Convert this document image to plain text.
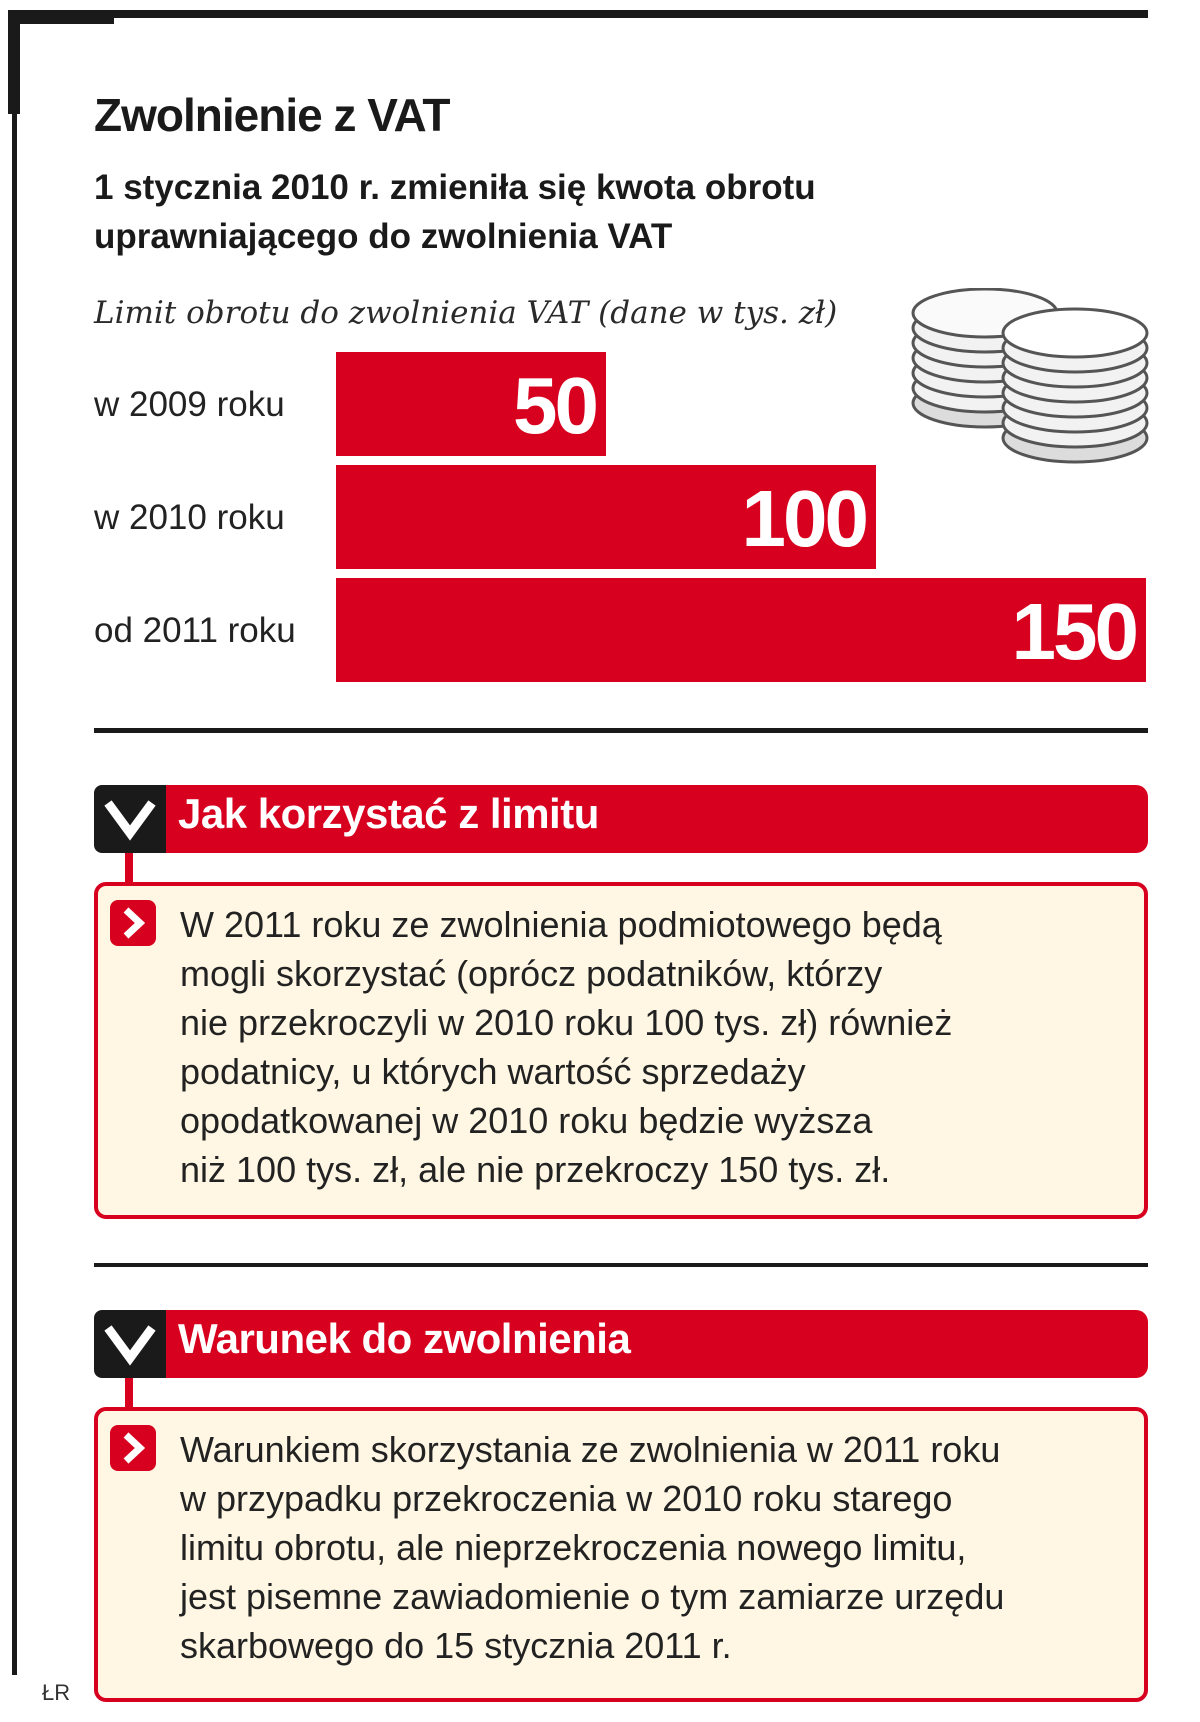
Zwolnienie z VAT

1 stycznia 2010 r. zmieniła się kwota obrotu uprawniającego do zwolnienia VAT

Limit obrotu do zwolnienia VAT (dane w tys. zł)
w 2009 roku	50
w 2010 roku	100
od 2011 roku	150
Jak korzystać z limitu

W 2011 roku ze zwolnienia podmiotowego będą
mogli skorzystać (oprócz podatników, którzy
nie przekroczyli w 2010 roku 100 tys. zł) również
podatnicy, u których wartość sprzedaży
opodatkowanej w 2010 roku będzie wyższa
niż 100 tys. zł, ale nie przekroczy 150 tys. zł.

Warunek do zwolnienia

Warunkiem skorzystania ze zwolnienia w 2011 roku
w przypadku przekroczenia w 2010 roku starego
limitu obrotu, ale nieprzekroczenia nowego limitu,
jest pisemne zawiadomienie o tym zamiarze urzędu
skarbowego do 15 stycznia 2011 r.

ŁR
